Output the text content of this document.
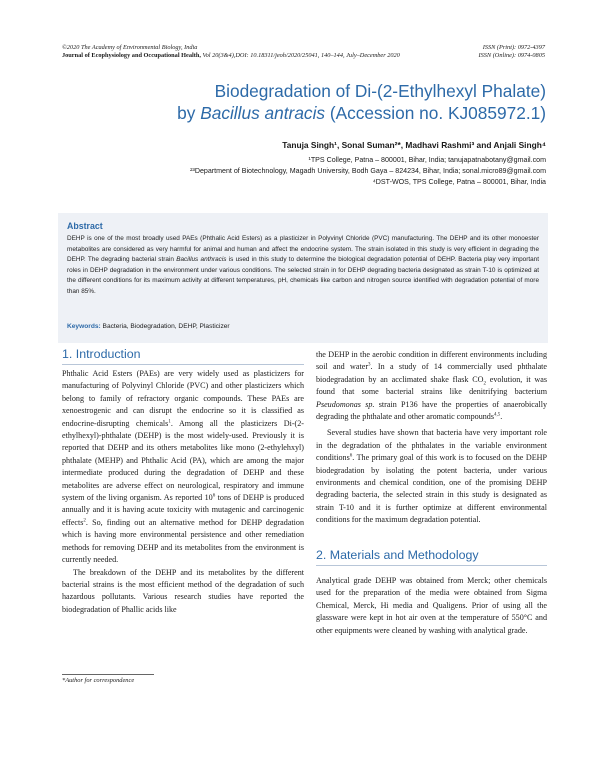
©2020 The Academy of Environmental Biology, India
Journal of Ecophysiology and Occupational Health, Vol 20(3&4),DOI: 10.18311/jeoh/2020/25041, 140–144, July–December 2020
ISSN (Print): 0972-4397
ISSN (Online): 0974-0805
Biodegradation of Di-(2-Ethylhexyl Phalate)
by Bacillus antracis (Accession no. KJ085972.1)
Tanuja Singh¹, Sonal Suman²*, Madhavi Rashmi³ and Anjali Singh⁴
¹TPS College, Patna – 800001, Bihar, India; tanujapatnabotany@gmail.com
²³Department of Biotechnology, Magadh University, Bodh Gaya – 824234, Bihar, India; sonal.micro89@gmail.com
⁴DST-WOS, TPS College, Patna – 800001, Bihar, India
Abstract
DEHP is one of the most broadly used PAEs (Phthalic Acid Esters) as a plasticizer in Polyvinyl Chloride (PVC) manufacturing. The DEHP and its other monoester metabolites are considered as very harmful for animal and human and affect the endocrine system. The strain isolated in this study is very efficient in degrading the DEHP. The degrading bacterial strain Bacillus anthracis is used in this study to determine the biological degradation potential of DEHP. Bacteria play very important roles in DEHP degradation in the environment under various conditions. The selected strain in for DEHP degrading bacteria designated as strain T-10 is optimized at the different conditions for its maximum activity at different temperatures, pH, chemicals like carbon and nitrogen source identified with degradation potential of more than 85%.
Keywords: Bacteria, Biodegradation, DEHP, Plasticizer
1. Introduction

Phthalic Acid Esters (PAEs) are very widely used as plasticizers for manufacturing of Polyvinyl Chloride (PVC) and other plasticizers which belong to family of refractory organic compounds. These PAEs are xenoestrogenic and can disrupt the endocrine so it is classified as endocrine-disrupting chemicals$^1$. Among all the plasticizers Di-(2-ethylhexyl)-phthalate (DEHP) is the most widely-used. Previously it is reported that DEHP and its others metabolites like mono (2-ethylehxyl) phthalate (MEHP) and Phthalic Acid (PA), which are among the major intermediate produced during the degradation of DEHP and these metabolites are adverse effect on neurological, respiratory and immune system of the living organism. As reported $10^6$ tons of DEHP is produced annually and it is having acute toxicity with mutagenic and carcinogenic effects$^2$. So, finding out an alternative method for DEHP degradation which is having more environmental persistence and other remediation methods for removing DEHP and its metabolites from the environment is currently needed.

The breakdown of the DEHP and its metabolites by the different bacterial strains is the most efficient method of the degradation of such hazardous pollutants. Various research studies have reported the biodegradation of Phallic acids like

the DEHP in the aerobic condition in different environments including soil and water$^3$. In a study of 14 commercially used phthalate biodegradation by an acclimated shake flask $CO_2$ evolution, it was found that some bacterial strains like denitrifying bacterium Pseudomonas sp. strain P136 have the properties of anaerobically degrading the phthalate and other aromatic compounds$^{4,5}$.

Several studies have shown that bacteria have very important role in the degradation of the phthalates in the variable environment conditions$^6$. The primary goal of this work is to focused on the DEHP biodegradation by isolating the potent bacteria, under various environments and chemical condition, one of the promising DEHP degrading bacteria, the selected strain in this study is designated as strain T-10 and it is further optimize at different environmental conditions for the maximum degradation potential.

2. Materials and Methodology

Analytical grade DEHP was obtained from Merck; other chemicals used for the preparation of the media were obtained from Sigma Chemical, Merck, Hi media and Qualigens. Prior of using all the glassware were kept in hot air oven at the temperature of 550°C and other equipments were cleaned by washing with analytical grade.

*Author for correspondence
